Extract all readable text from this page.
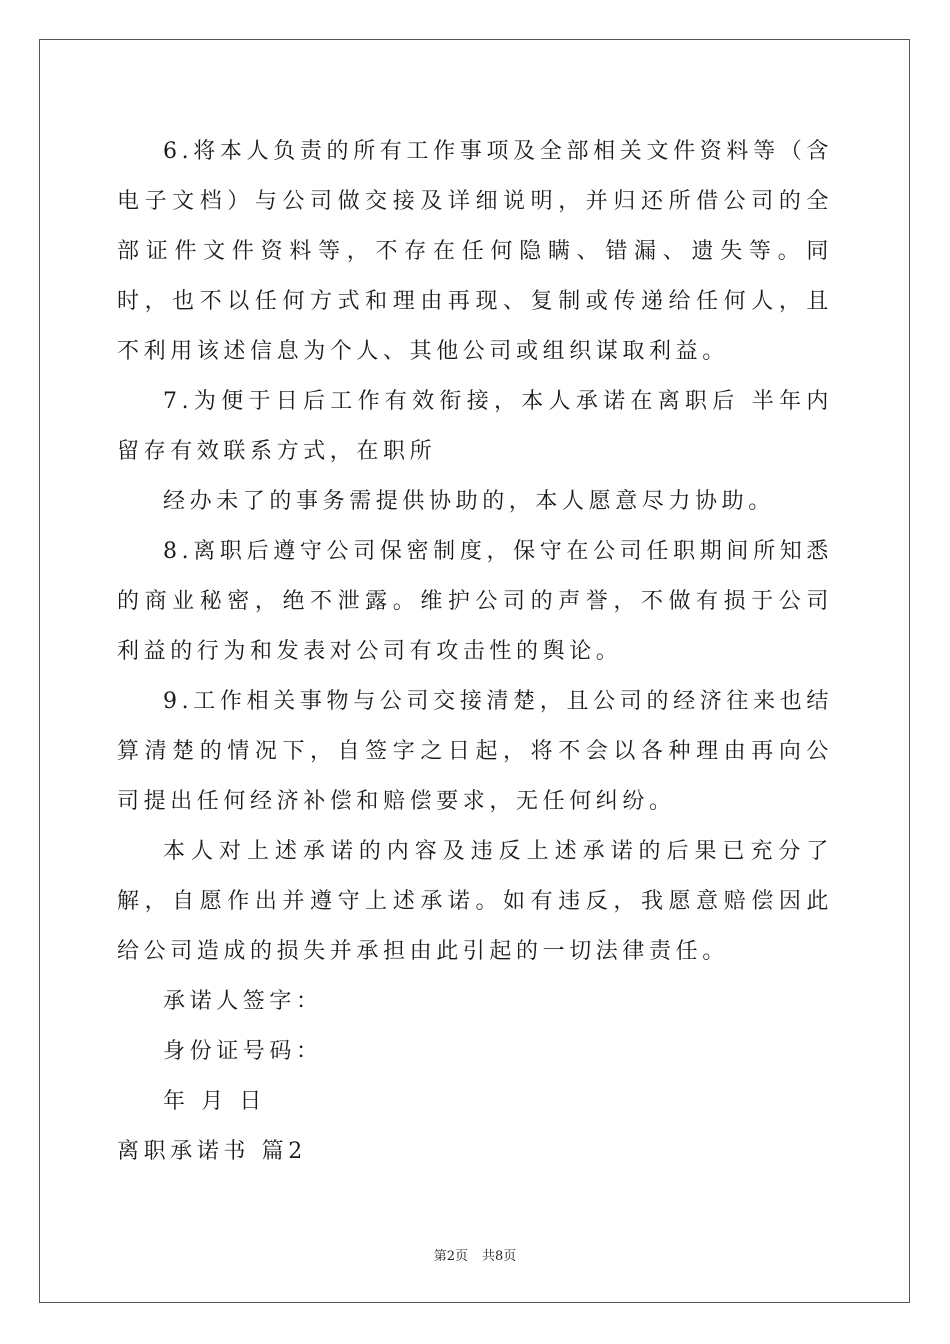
6.将本人负责的所有工作事项及全部相关文件资料等（含电子文档）与公司做交接及详细说明，并归还所借公司的全部证件文件资料等，不存在任何隐瞒、错漏、遗失等。同时，也不以任何方式和理由再现、复制或传递给任何人，且不利用该述信息为个人、其他公司或组织谋取利益。

7.为便于日后工作有效衔接，本人承诺在离职后 半年内 留存有效联系方式，在职所

经办未了的事务需提供协助的，本人愿意尽力协助。

8.离职后遵守公司保密制度，保守在公司任职期间所知悉的商业秘密，绝不泄露。维护公司的声誉，不做有损于公司利益的行为和发表对公司有攻击性的舆论。

9.工作相关事物与公司交接清楚，且公司的经济往来也结算清楚的情况下，自签字之日起，将不会以各种理由再向公司提出任何经济补偿和赔偿要求，无任何纠纷。

本人对上述承诺的内容及违反上述承诺的后果已充分了解，自愿作出并遵守上述承诺。如有违反，我愿意赔偿因此给公司造成的损失并承担由此引起的一切法律责任。

承诺人签字：

身份证号码：

年 月 日

离职承诺书 篇2

第2页 共8页
